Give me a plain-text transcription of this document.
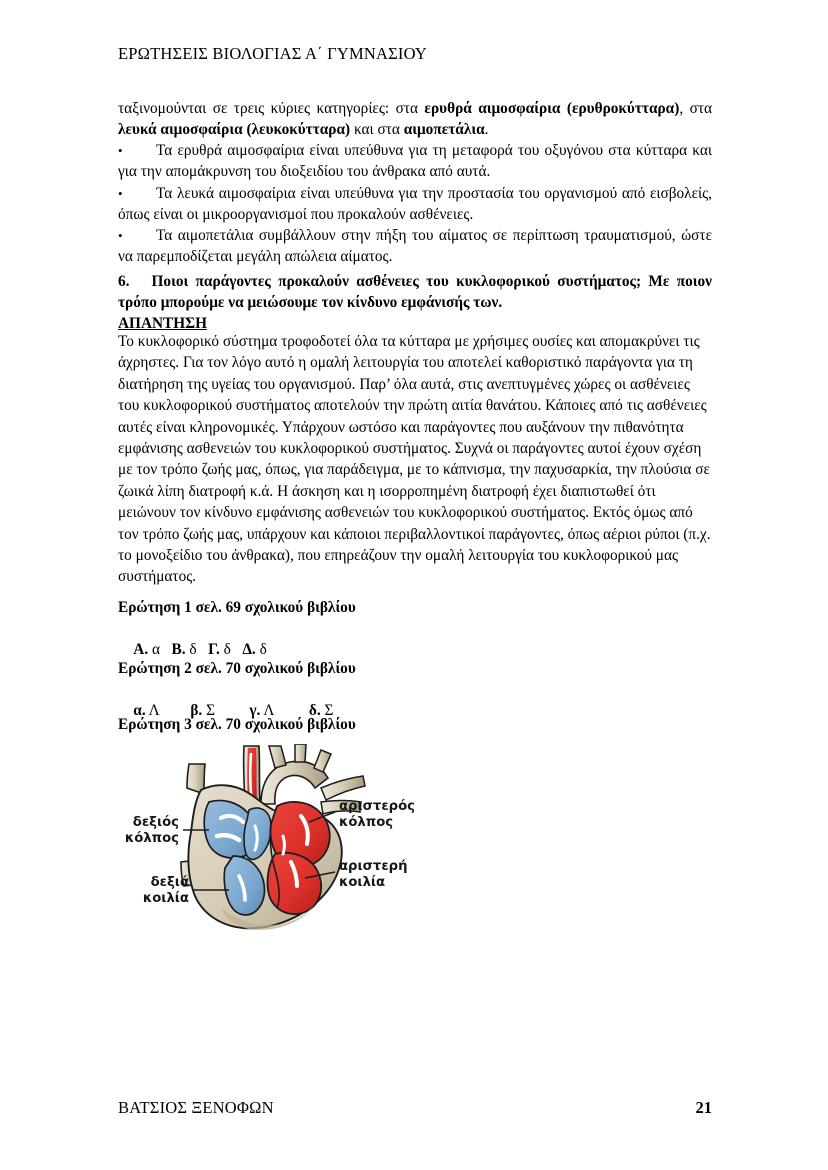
ΕΡΩΤΗΣΕΙΣ ΒΙΟΛΟΓΙΑΣ Α΄ ΓΥΜΝΑΣΙΟΥ
ταξινομούνται σε τρεις κύριες κατηγορίες: στα ερυθρά αιμοσφαίρια (ερυθροκύτταρα), στα λευκά αιμοσφαίρια (λευκοκύτταρα) και στα αιμοπετάλια.
• Τα ερυθρά αιμοσφαίρια είναι υπεύθυνα για τη μεταφορά του οξυγόνου στα κύτταρα και για την απομάκρυνση του διοξειδίου του άνθρακα από αυτά.
• Τα λευκά αιμοσφαίρια είναι υπεύθυνα για την προστασία του οργανισμού από εισβολείς, όπως είναι οι μικροοργανισμοί που προκαλούν ασθένειες.
• Τα αιμοπετάλια συμβάλλουν στην πήξη του αίματος σε περίπτωση τραυματισμού, ώστε να παρεμποδίζεται μεγάλη απώλεια αίματος.
6. Ποιοι παράγοντες προκαλούν ασθένειες του κυκλοφορικού συστήματος; Με ποιον τρόπο μπορούμε να μειώσουμε τον κίνδυνο εμφάνισής των.
ΑΠΑΝΤΗΣΗ
Το κυκλοφορικό σύστημα τροφοδοτεί όλα τα κύτταρα με χρήσιμες ουσίες και απομακρύνει τις άχρηστες. Για τον λόγο αυτό η ομαλή λειτουργία του αποτελεί καθοριστικό παράγοντα για τη διατήρηση της υγείας του οργανισμού. Παρ’ όλα αυτά, στις ανεπτυγμένες χώρες οι ασθένειες του κυκλοφορικού συστήματος αποτελούν την πρώτη αιτία θανάτου. Κάποιες από τις ασθένειες αυτές είναι κληρονομικές. Υπάρχουν ωστόσο και παράγοντες που αυξάνουν την πιθανότητα εμφάνισης ασθενειών του κυκλοφορικού συστήματος. Συχνά οι παράγοντες αυτοί έχουν σχέση με τον τρόπο ζωής μας, όπως, για παράδειγμα, με το κάπνισμα, την παχυσαρκία, την πλούσια σε ζωικά λίπη διατροφή κ.ά. Η άσκηση και η ισορροπημένη διατροφή έχει διαπιστωθεί ότι μειώνουν τον κίνδυνο εμφάνισης ασθενειών του κυκλοφορικού συστήματος. Εκτός όμως από τον τρόπο ζωής μας, υπάρχουν και κάποιοι περιβαλλοντικοί παράγοντες, όπως αέριοι ρύποι (π.χ. το μονοξείδιο του άνθρακα), που επηρεάζουν την ομαλή λειτουργία του κυκλοφορικού μας συστήματος.
Ερώτηση 1 σελ. 69 σχολικού βιβλίου

Α. α Β. δ Γ. δ Δ. δ

Ερώτηση 2 σελ. 70 σχολικού βιβλίου

α. Λ β. Σ γ. Λ δ. Σ

Ερώτηση 3 σελ. 70 σχολικού βιβλίου
δεξιός
κόλπος
δεξιά
κοιλία
αριστερός
κόλπος
αριστερή
κοιλία
ΒΑΤΣΙΟΣ ΞΕΝΟΦΩΝ	21
